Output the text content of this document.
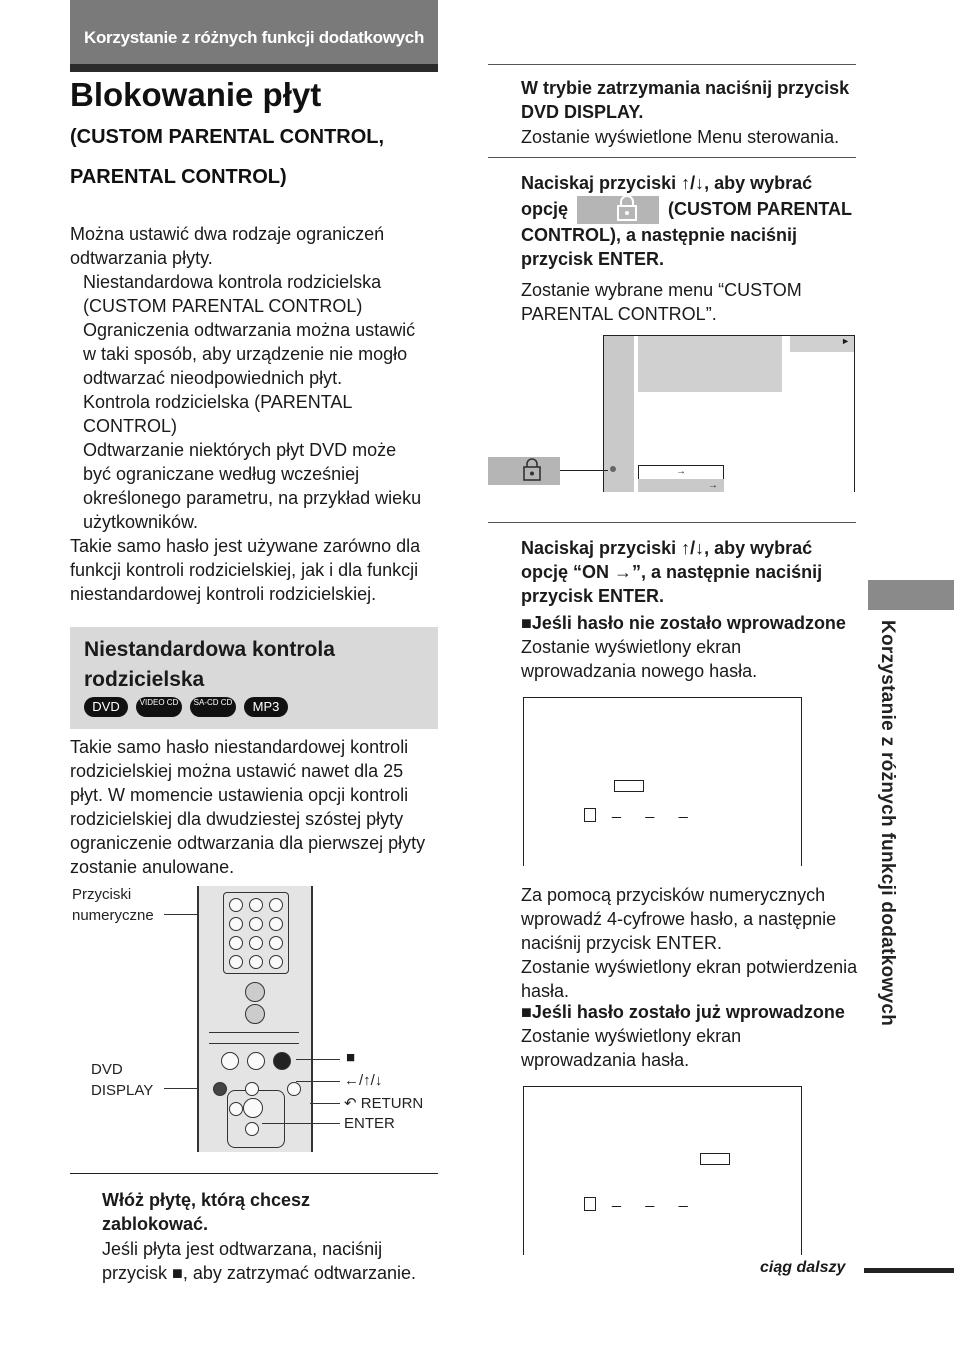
Korzystanie z różnych funkcji dodatkowych
Blokowanie płyt
(CUSTOM PARENTAL CONTROL,
PARENTAL CONTROL)
Można ustawić dwa rodzaje ograniczeń
odtwarzania płyty.
Niestandardowa kontrola rodzicielska
(CUSTOM PARENTAL CONTROL)
Ograniczenia odtwarzania można ustawić
w taki sposób, aby urządzenie nie mogło
odtwarzać nieodpowiednich płyt.
Kontrola rodzicielska (PARENTAL
CONTROL)
Odtwarzanie niektórych płyt DVD może
być ograniczane według wcześniej
określonego parametru, na przykład wieku
użytkowników.
Takie samo hasło jest używane zarówno dla
funkcji kontroli rodzicielskiej, jak i dla funkcji
niestandardowej kontroli rodzicielskiej.
Niestandardowa kontrola
rodzicielska
DVD	VIDEO CD	SA-CD CD	MP3
Takie samo hasło niestandardowej kontroli
rodzicielskiej można ustawić nawet dla 25
płyt. W momencie ustawienia opcji kontroli
rodzicielskiej dla dwudziestej szóstej płyty
ograniczenie odtwarzania dla pierwszej płyty
zostanie anulowane.
Przyciski
numeryczne
DVD
DISPLAY
■
←/↑/↓
↶ RETURN
ENTER
Włóż płytę, którą chcesz
zablokować.
Jeśli płyta jest odtwarzana, naciśnij
przycisk ■, aby zatrzymać odtwarzanie.
W trybie zatrzymania naciśnij przycisk
DVD DISPLAY.
Zostanie wyświetlone Menu sterowania.
Naciskaj przyciski ↑/↓, aby wybrać
opcję	(CUSTOM PARENTAL
CONTROL), a następnie naciśnij
przycisk ENTER.
Zostanie wybrane menu “CUSTOM
PARENTAL CONTROL”.
►
→
→
Naciskaj przyciski ↑/↓, aby wybrać
opcję “ON →”, a następnie naciśnij
przycisk ENTER.
■Jeśli hasło nie zostało wprowadzone
Zostanie wyświetlony ekran
wprowadzania nowego hasła.
_ _ _
Za pomocą przycisków numerycznych
wprowadź 4-cyfrowe hasło, a następnie
naciśnij przycisk ENTER.
Zostanie wyświetlony ekran potwierdzenia
hasła.
■Jeśli hasło zostało już wprowadzone
Zostanie wyświetlony ekran
wprowadzania hasła.
_ _ _
Korzystanie z różnych funkcji dodatkowych
ciąg dalszy
